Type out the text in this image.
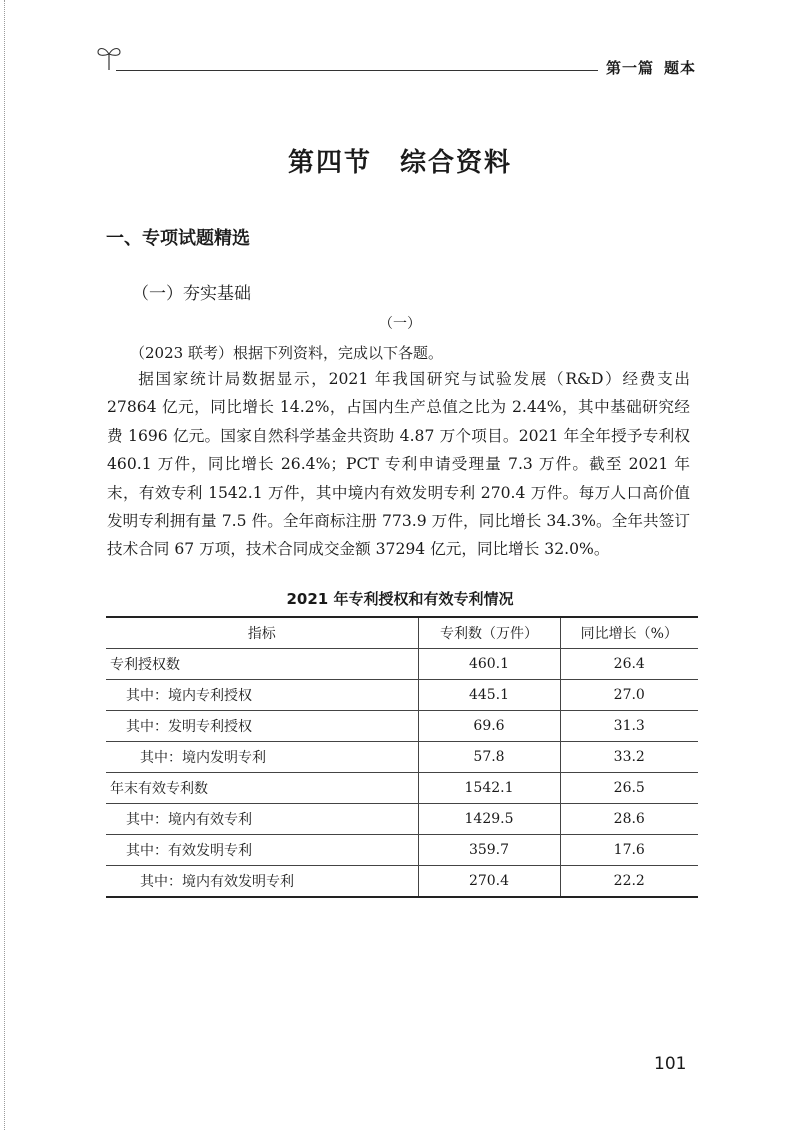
第一篇 题本
第四节 综合资料
一、专项试题精选
（一）夯实基础
（一）
（2023 联考）根据下列资料，完成以下各题。
据国家统计局数据显示，2021 年我国研究与试验发展（R&D）经费支出 27864 亿元，同比增长 14.2%，占国内生产总值之比为 2.44%，其中基础研究经费 1696 亿元。国家自然科学基金共资助 4.87 万个项目。2021 年全年授予专利权 460.1 万件，同比增长 26.4%；PCT 专利申请受理量 7.3 万件。截至 2021 年末，有效专利 1542.1 万件，其中境内有效发明专利 270.4 万件。每万人口高价值发明专利拥有量 7.5 件。全年商标注册 773.9 万件，同比增长 34.3%。全年共签订技术合同 67 万项，技术合同成交金额 37294 亿元，同比增长 32.0%。
2021 年专利授权和有效专利情况
指标	专利数（万件）	同比增长（%）
专利授权数	460.1	26.4
其中：境内专利授权	445.1	27.0
其中：发明专利授权	69.6	31.3
其中：境内发明专利	57.8	33.2
年末有效专利数	1542.1	26.5
其中：境内有效专利	1429.5	28.6
其中：有效发明专利	359.7	17.6
其中：境内有效发明专利	270.4	22.2
101
